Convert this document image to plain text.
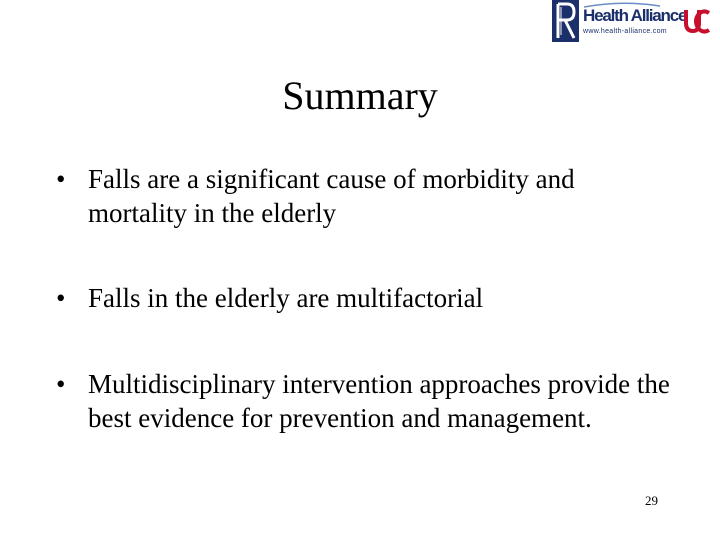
Health Alliance
www.health-alliance.com
Summary
• Falls are a significant cause of morbidity and mortality in the elderly
• Falls in the elderly are multifactorial
• Multidisciplinary intervention approaches provide the best evidence for prevention and management.
29
